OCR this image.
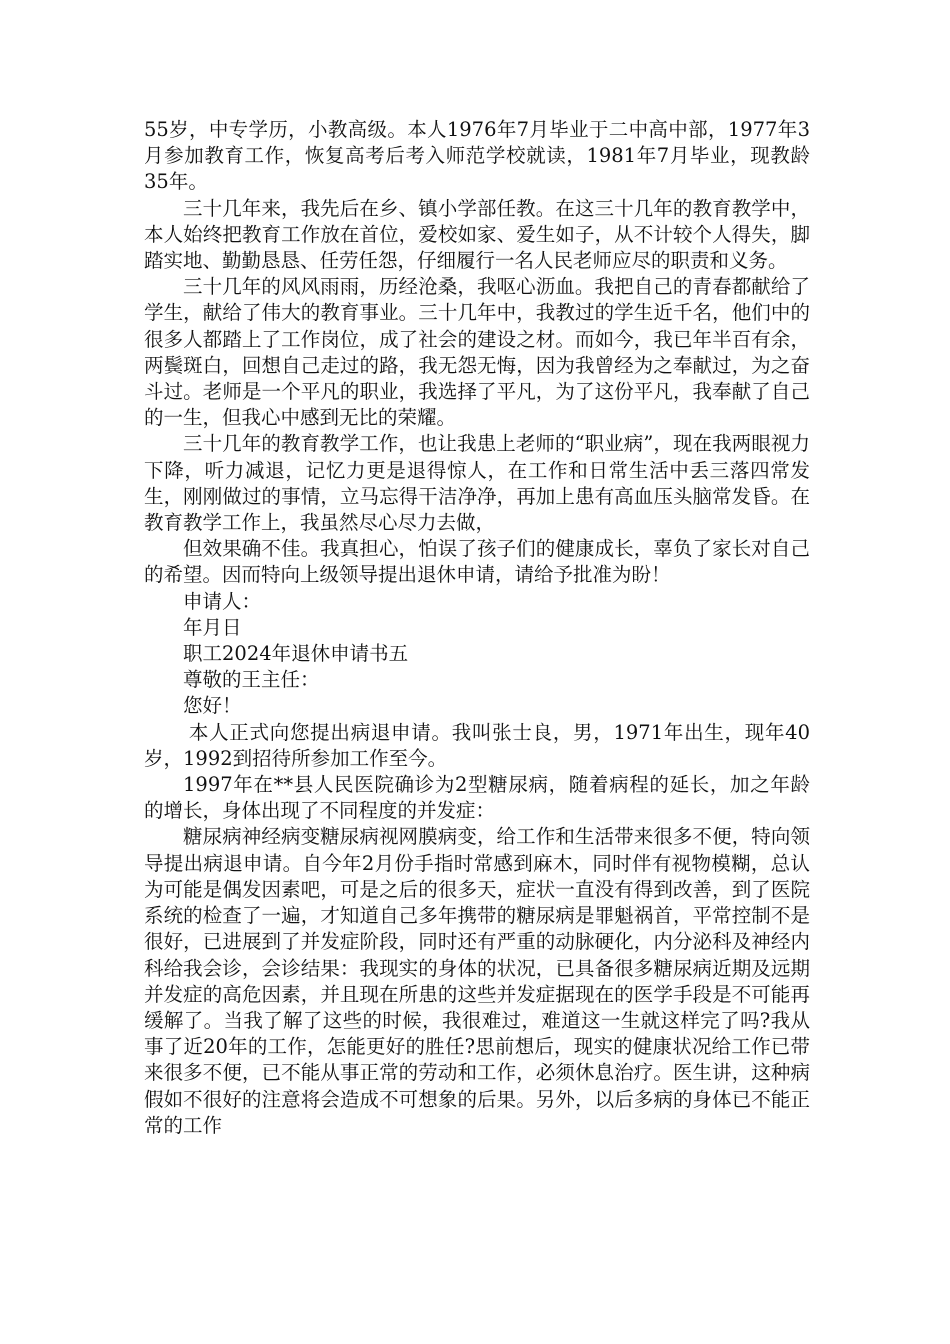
55岁，中专学历，小教高级。本人1976年7月毕业于二中高中部，1977年3月参加教育工作，恢复高考后考入师范学校就读，1981年7月毕业，现教龄35年。

三十几年来，我先后在乡、镇小学部任教。在这三十几年的教育教学中，本人始终把教育工作放在首位，爱校如家、爱生如子，从不计较个人得失，脚踏实地、勤勤恳恳、任劳任怨，仔细履行一名人民老师应尽的职责和义务。

三十几年的风风雨雨，历经沧桑，我呕心沥血。我把自己的青春都献给了学生，献给了伟大的教育事业。三十几年中，我教过的学生近千名，他们中的很多人都踏上了工作岗位，成了社会的建设之材。而如今，我已年半百有余，两鬓斑白，回想自己走过的路，我无怨无悔，因为我曾经为之奉献过，为之奋斗过。老师是一个平凡的职业，我选择了平凡，为了这份平凡，我奉献了自己的一生，但我心中感到无比的荣耀。

三十几年的教育教学工作，也让我患上老师的“职业病”，现在我两眼视力下降，听力减退，记忆力更是退得惊人，在工作和日常生活中丢三落四常发生，刚刚做过的事情，立马忘得干洁净净，再加上患有高血压头脑常发昏。在教育教学工作上，我虽然尽心尽力去做，

但效果确不佳。我真担心，怕误了孩子们的健康成长，辜负了家长对自己的希望。因而特向上级领导提出退休申请，请给予批准为盼！

申请人：

年月日

职工2024年退休申请书五

尊敬的王主任：

您好！

本人正式向您提出病退申请。我叫张士良，男，1971年出生，现年40岁，1992到招待所参加工作至今。

1997年在**县人民医院确诊为2型糖尿病，随着病程的延长，加之年龄的增长，身体出现了不同程度的并发症：

糖尿病神经病变糖尿病视网膜病变，给工作和生活带来很多不便，特向领导提出病退申请。自今年2月份手指时常感到麻木，同时伴有视物模糊，总认为可能是偶发因素吧，可是之后的很多天，症状一直没有得到改善，到了医院系统的检查了一遍，才知道自己多年携带的糖尿病是罪魁祸首，平常控制不是很好，已进展到了并发症阶段，同时还有严重的动脉硬化，内分泌科及神经内科给我会诊，会诊结果：我现实的身体的状况，已具备很多糖尿病近期及远期并发症的高危因素，并且现在所患的这些并发症据现在的医学手段是不可能再缓解了。当我了解了这些的时候，我很难过，难道这一生就这样完了吗?我从事了近20年的工作，怎能更好的胜任?思前想后，现实的健康状况给工作已带来很多不便，已不能从事正常的劳动和工作，必须休息治疗。医生讲，这种病假如不很好的注意将会造成不可想象的后果。另外，以后多病的身体已不能正常的工作
